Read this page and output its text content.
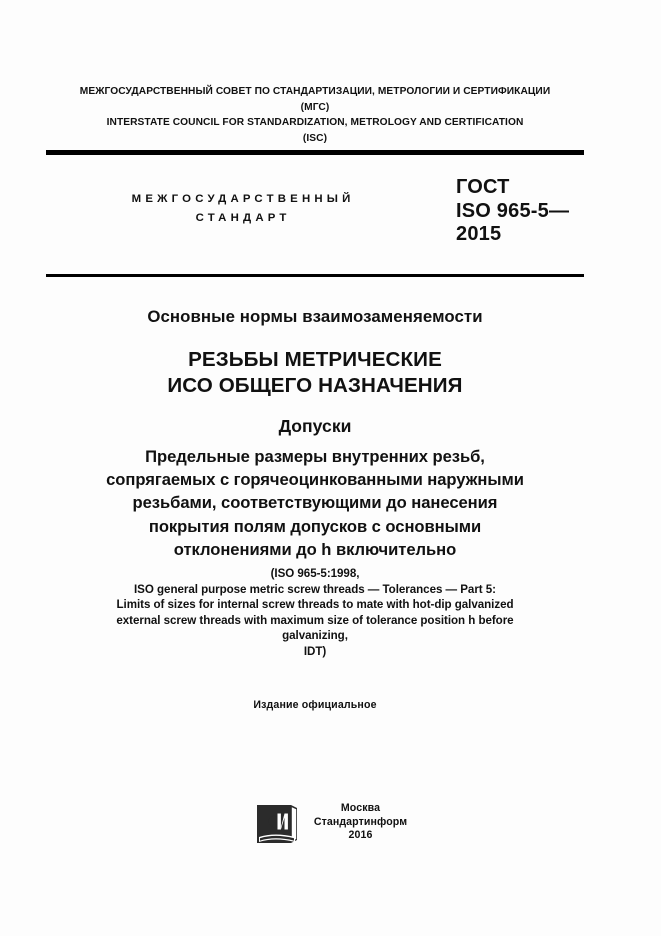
МЕЖГОСУДАРСТВЕННЫЙ СОВЕТ ПО СТАНДАРТИЗАЦИИ, МЕТРОЛОГИИ И СЕРТИФИКАЦИИ
(МГС)
INTERSTATE COUNCIL FOR STANDARDIZATION, METROLOGY AND CERTIFICATION
(ISC)
МЕЖГОСУДАРСТВЕННЫЙ
СТАНДАРТ
ГОСТ
ISO 965-5—
2015
Основные нормы взаимозаменяемости
РЕЗЬБЫ МЕТРИЧЕСКИЕ
ИСО ОБЩЕГО НАЗНАЧЕНИЯ
Допуски
Предельные размеры внутренних резьб,
сопрягаемых с горячеоцинкованными наружными
резьбами, соответствующими до нанесения
покрытия полям допусков с основными
отклонениями до h включительно
(ISO 965-5:1998,
ISO general purpose metric screw threads — Tolerances — Part 5:
Limits of sizes for internal screw threads to mate with hot-dip galvanized
external screw threads with maximum size of tolerance position h before
galvanizing,
IDT)
Издание официальное
Москва
Стандартинформ
2016
